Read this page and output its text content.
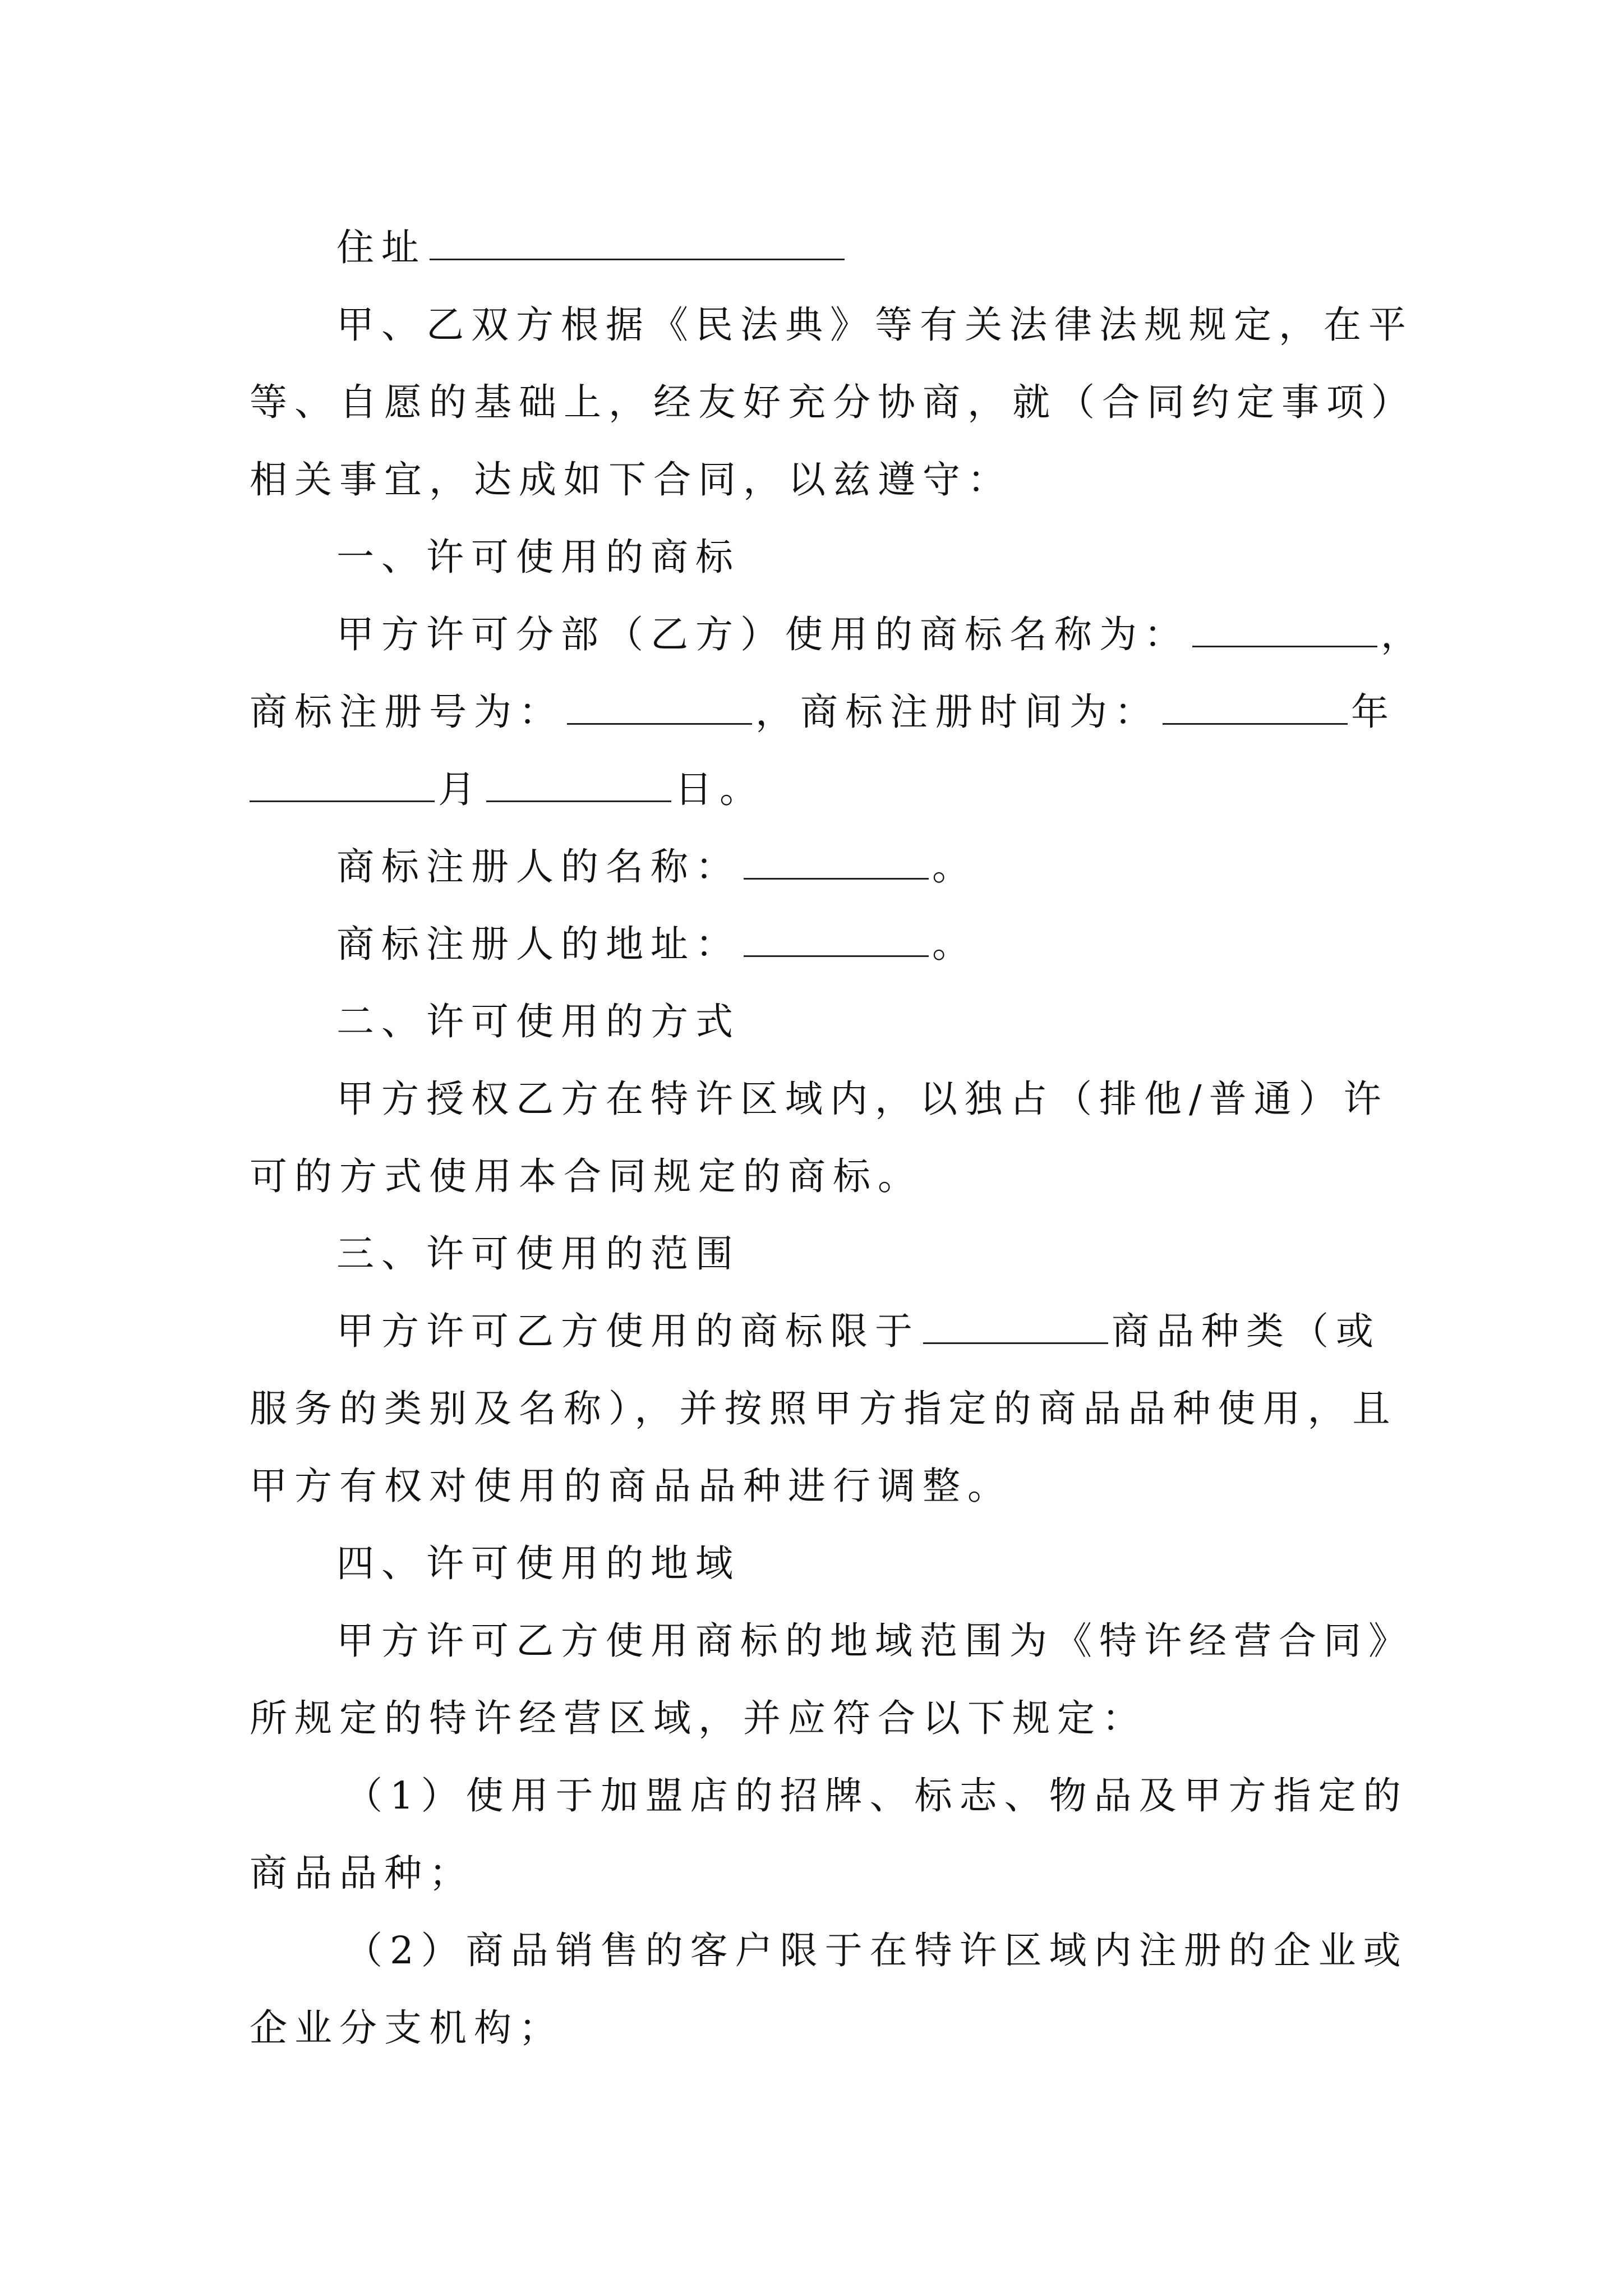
住址
甲、乙双方根据《民法典》等有关法律法规规定，在平
等、自愿的基础上，经友好充分协商，就（合同约定事项）
相关事宜，达成如下合同，以兹遵守：
一、许可使用的商标
甲方许可分部（乙方）使用的商标名称为：	，
商标注册号为：	，商标注册时间为：	年
月	日。
商标注册人的名称：	。
商标注册人的地址：	。
二、许可使用的方式
甲方授权乙方在特许区域内，以独占（排他/普通）许
可的方式使用本合同规定的商标。
三、许可使用的范围
甲方许可乙方使用的商标限于	商品种类（或
服务的类别及名称），并按照甲方指定的商品品种使用，且
甲方有权对使用的商品品种进行调整。
四、许可使用的地域
甲方许可乙方使用商标的地域范围为《特许经营合同》
所规定的特许经营区域，并应符合以下规定：
（1）使用于加盟店的招牌、标志、物品及甲方指定的
商品品种；
（2）商品销售的客户限于在特许区域内注册的企业或
企业分支机构；
